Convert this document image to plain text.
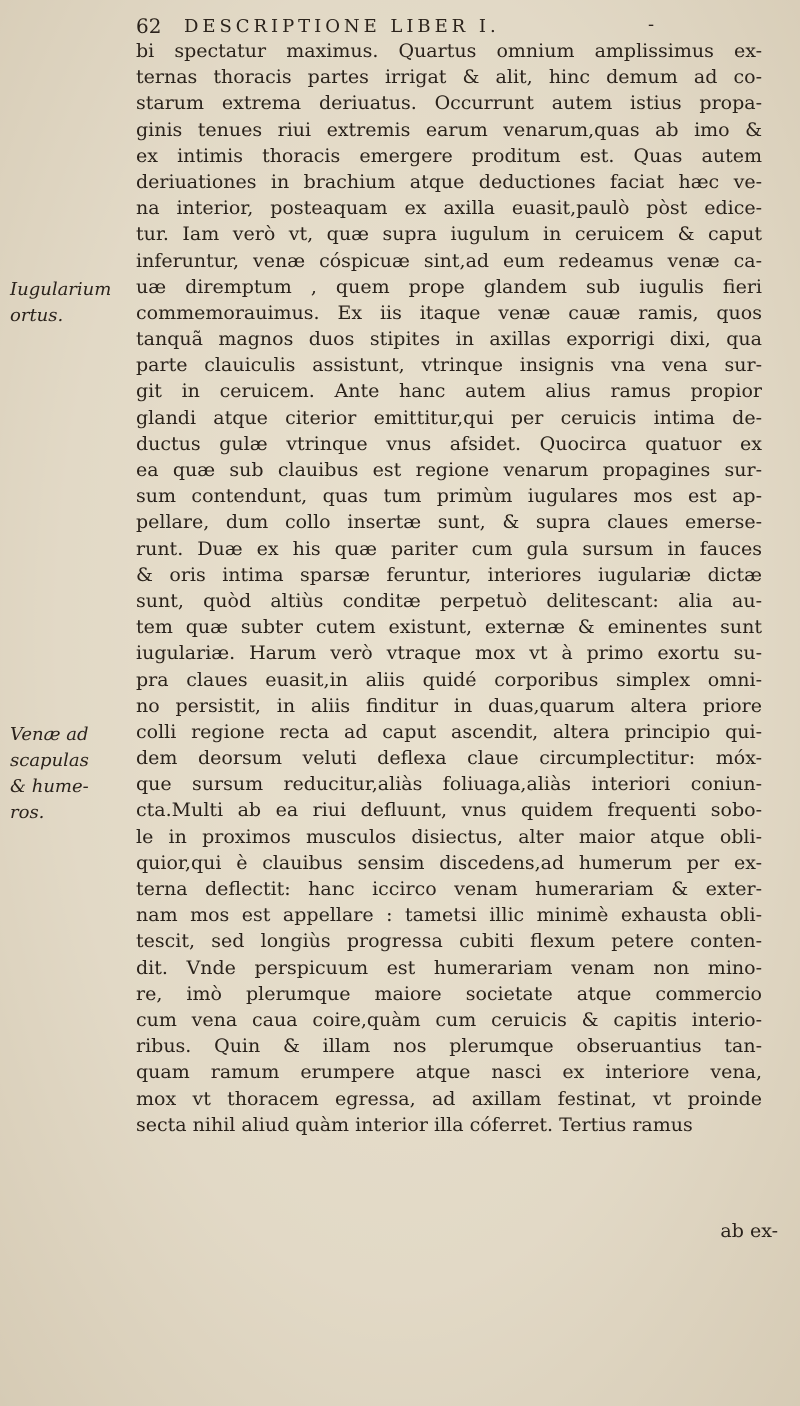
62 DESCRIPTIONE LIBER I.	-
Iugularium
ortus.
Venæ ad
scapulas
& hume-
ros.
bi spectatur maximus. Quartus omnium amplissimus ex-
ternas thoracis partes irrigat & alit, hinc demum ad co-
starum extrema deriuatus. Occurrunt autem istius propa-
ginis tenues riui extremis earum venarum,quas ab imo &
ex intimis thoracis emergere proditum est. Quas autem
deriuationes in brachium atque deductiones faciat hæc ve-
na interior, posteaquam ex axilla euasit,paulò pòst edice-
tur. Iam verò vt, quæ supra iugulum in ceruicem & caput
inferuntur, venæ cóspicuæ sint,ad eum redeamus venæ ca-
uæ diremptum , quem prope glandem sub iugulis fieri
commemorauimus. Ex iis itaque venæ cauæ ramis, quos
tanquã magnos duos stipites in axillas exporrigi dixi, qua
parte clauiculis assistunt, vtrinque insignis vna vena sur-
git in ceruicem. Ante hanc autem alius ramus propior
glandi atque citerior emittitur,qui per ceruicis intima de-
ductus gulæ vtrinque vnus afsidet. Quocirca quatuor ex
ea quæ sub clauibus est regione venarum propagines sur-
sum contendunt, quas tum primùm iugulares mos est ap-
pellare, dum collo insertæ sunt, & supra claues emerse-
runt. Duæ ex his quæ pariter cum gula sursum in fauces
& oris intima sparsæ feruntur, interiores iugulariæ dictæ
sunt, quòd altiùs conditæ perpetuò delitescant: alia au-
tem quæ subter cutem existunt, externæ & eminentes sunt
iugulariæ. Harum verò vtraque mox vt à primo exortu su-
pra claues euasit,in aliis quidé corporibus simplex omni-
no persistit, in aliis finditur in duas,quarum altera priore
colli regione recta ad caput ascendit, altera principio qui-
dem deorsum veluti deflexa claue circumplectitur: móx-
que sursum reducitur,aliàs foliuaga,aliàs interiori coniun-
cta.Multi ab ea riui defluunt, vnus quidem frequenti sobo-
le in proximos musculos disiectus, alter maior atque obli-
quior,qui è clauibus sensim discedens,ad humerum per ex-
terna deflectit: hanc iccirco venam humerariam & exter-
nam mos est appellare : tametsi illic minimè exhausta obli-
tescit, sed longiùs progressa cubiti flexum petere conten-
dit. Vnde perspicuum est humerariam venam non mino-
re, imò plerumque maiore societate atque commercio
cum vena caua coire,quàm cum ceruicis & capitis interio-
ribus. Quin & illam nos plerumque obseruantius tan-
quam ramum erumpere atque nasci ex interiore vena,
mox vt thoracem egressa, ad axillam festinat, vt proinde
secta nihil aliud quàm interior illa cóferret. Tertius ramus
ab ex-
